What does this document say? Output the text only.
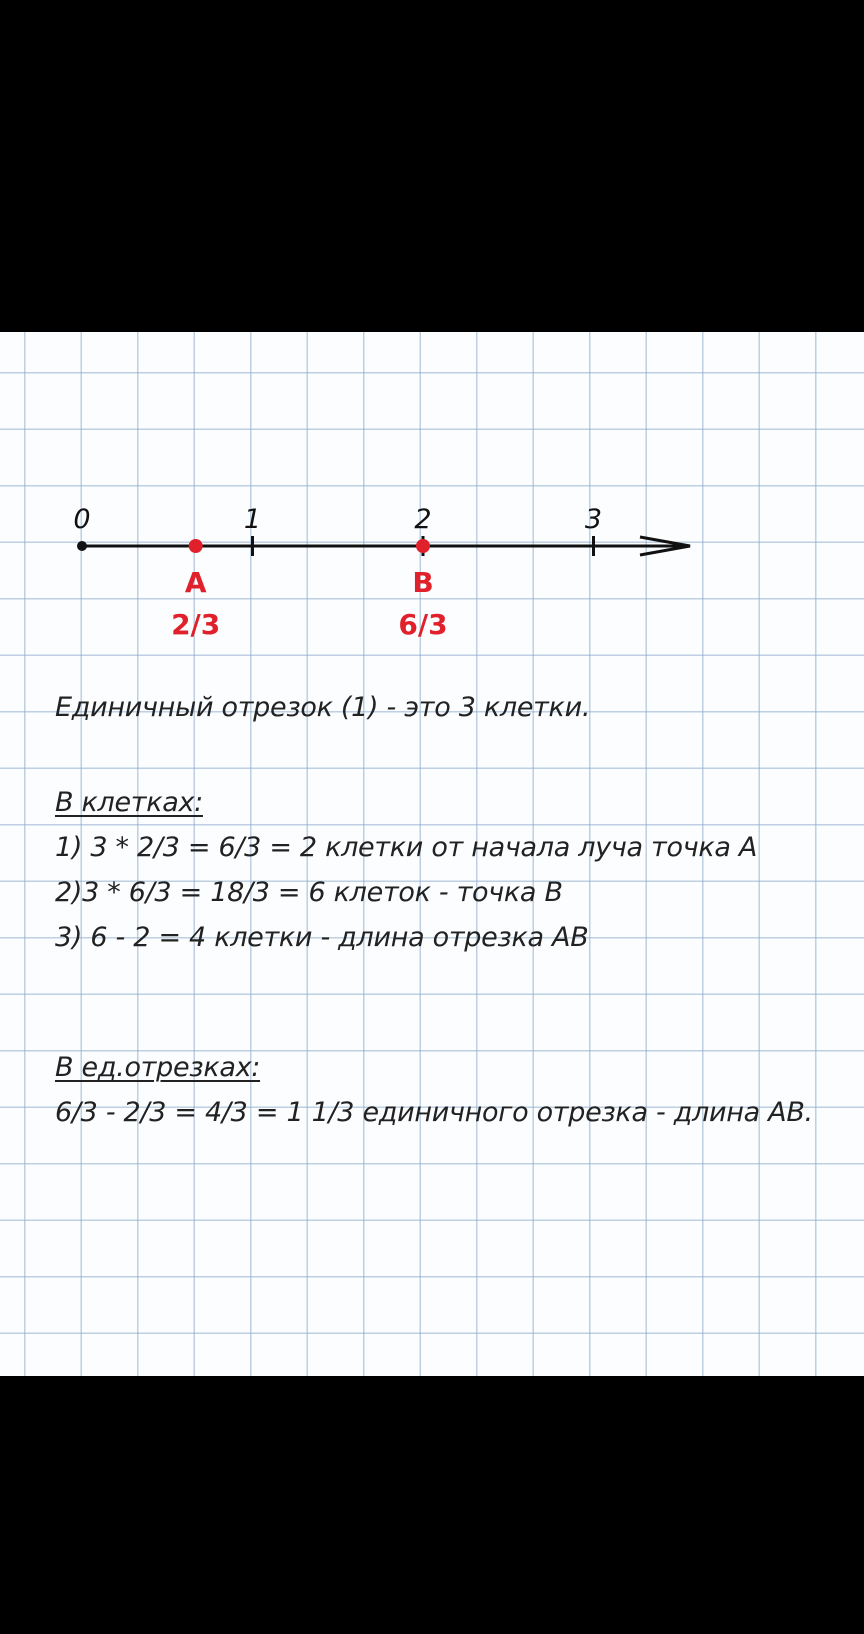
0	1	2	3
A
2/3
B
6/3

Единичный отрезок (1) - это 3 клетки.

В клетках:

1) 3 * 2/3 = 6/3 = 2 клетки от начала луча точка А

2)3 * 6/3 = 18/3 = 6 клеток - точка В

3) 6 - 2 = 4 клетки - длина отрезка АВ

В ед.отрезках:

6/3 - 2/3 = 4/3 = 1 1/3 единичного отрезка - длина АВ.
